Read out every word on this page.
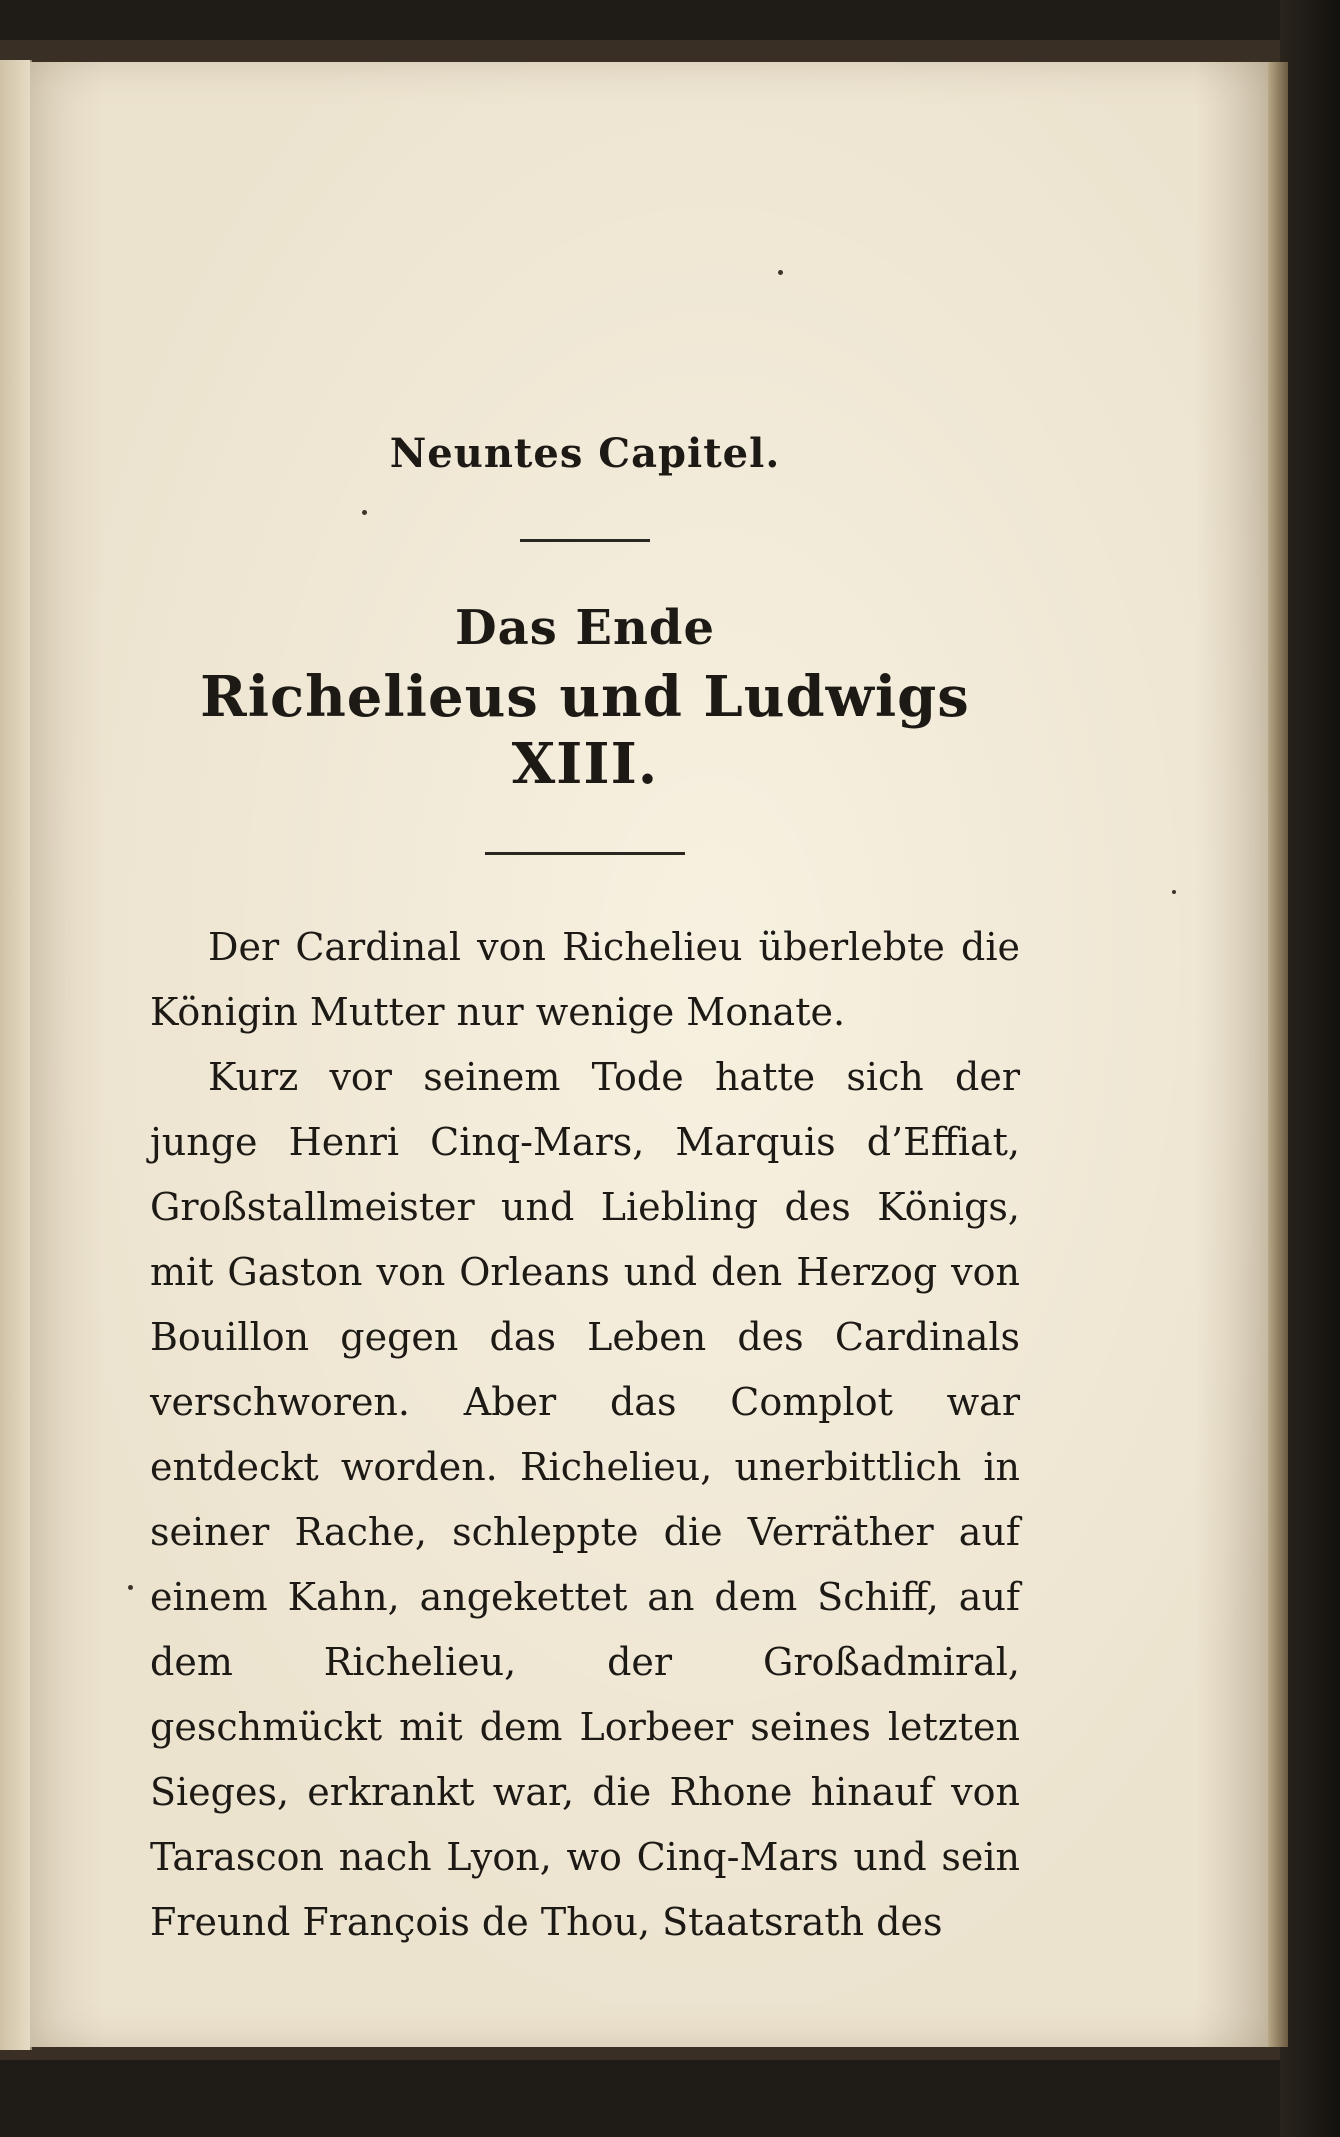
Neuntes Capitel.

Das Ende
Richelieus und Ludwigs XIII.

Der Cardinal von Richelieu überlebte die Königin Mutter nur wenige Monate.

Kurz vor seinem Tode hatte sich der junge Henri Cinq-Mars, Marquis d’Effiat, Großstallmeister und Liebling des Königs, mit Gaston von Orleans und den Herzog von Bouillon gegen das Leben des Cardinals verschworen. Aber das Complot war entdeckt worden. Richelieu, unerbittlich in seiner Rache, schleppte die Verräther auf einem Kahn, angekettet an dem Schiff, auf dem Richelieu, der Großadmiral, geschmückt mit dem Lorbeer seines letzten Sieges, erkrankt war, die Rhone hinauf von Tarascon nach Lyon, wo Cinq-Mars und sein Freund François de Thou, Staatsrath des
